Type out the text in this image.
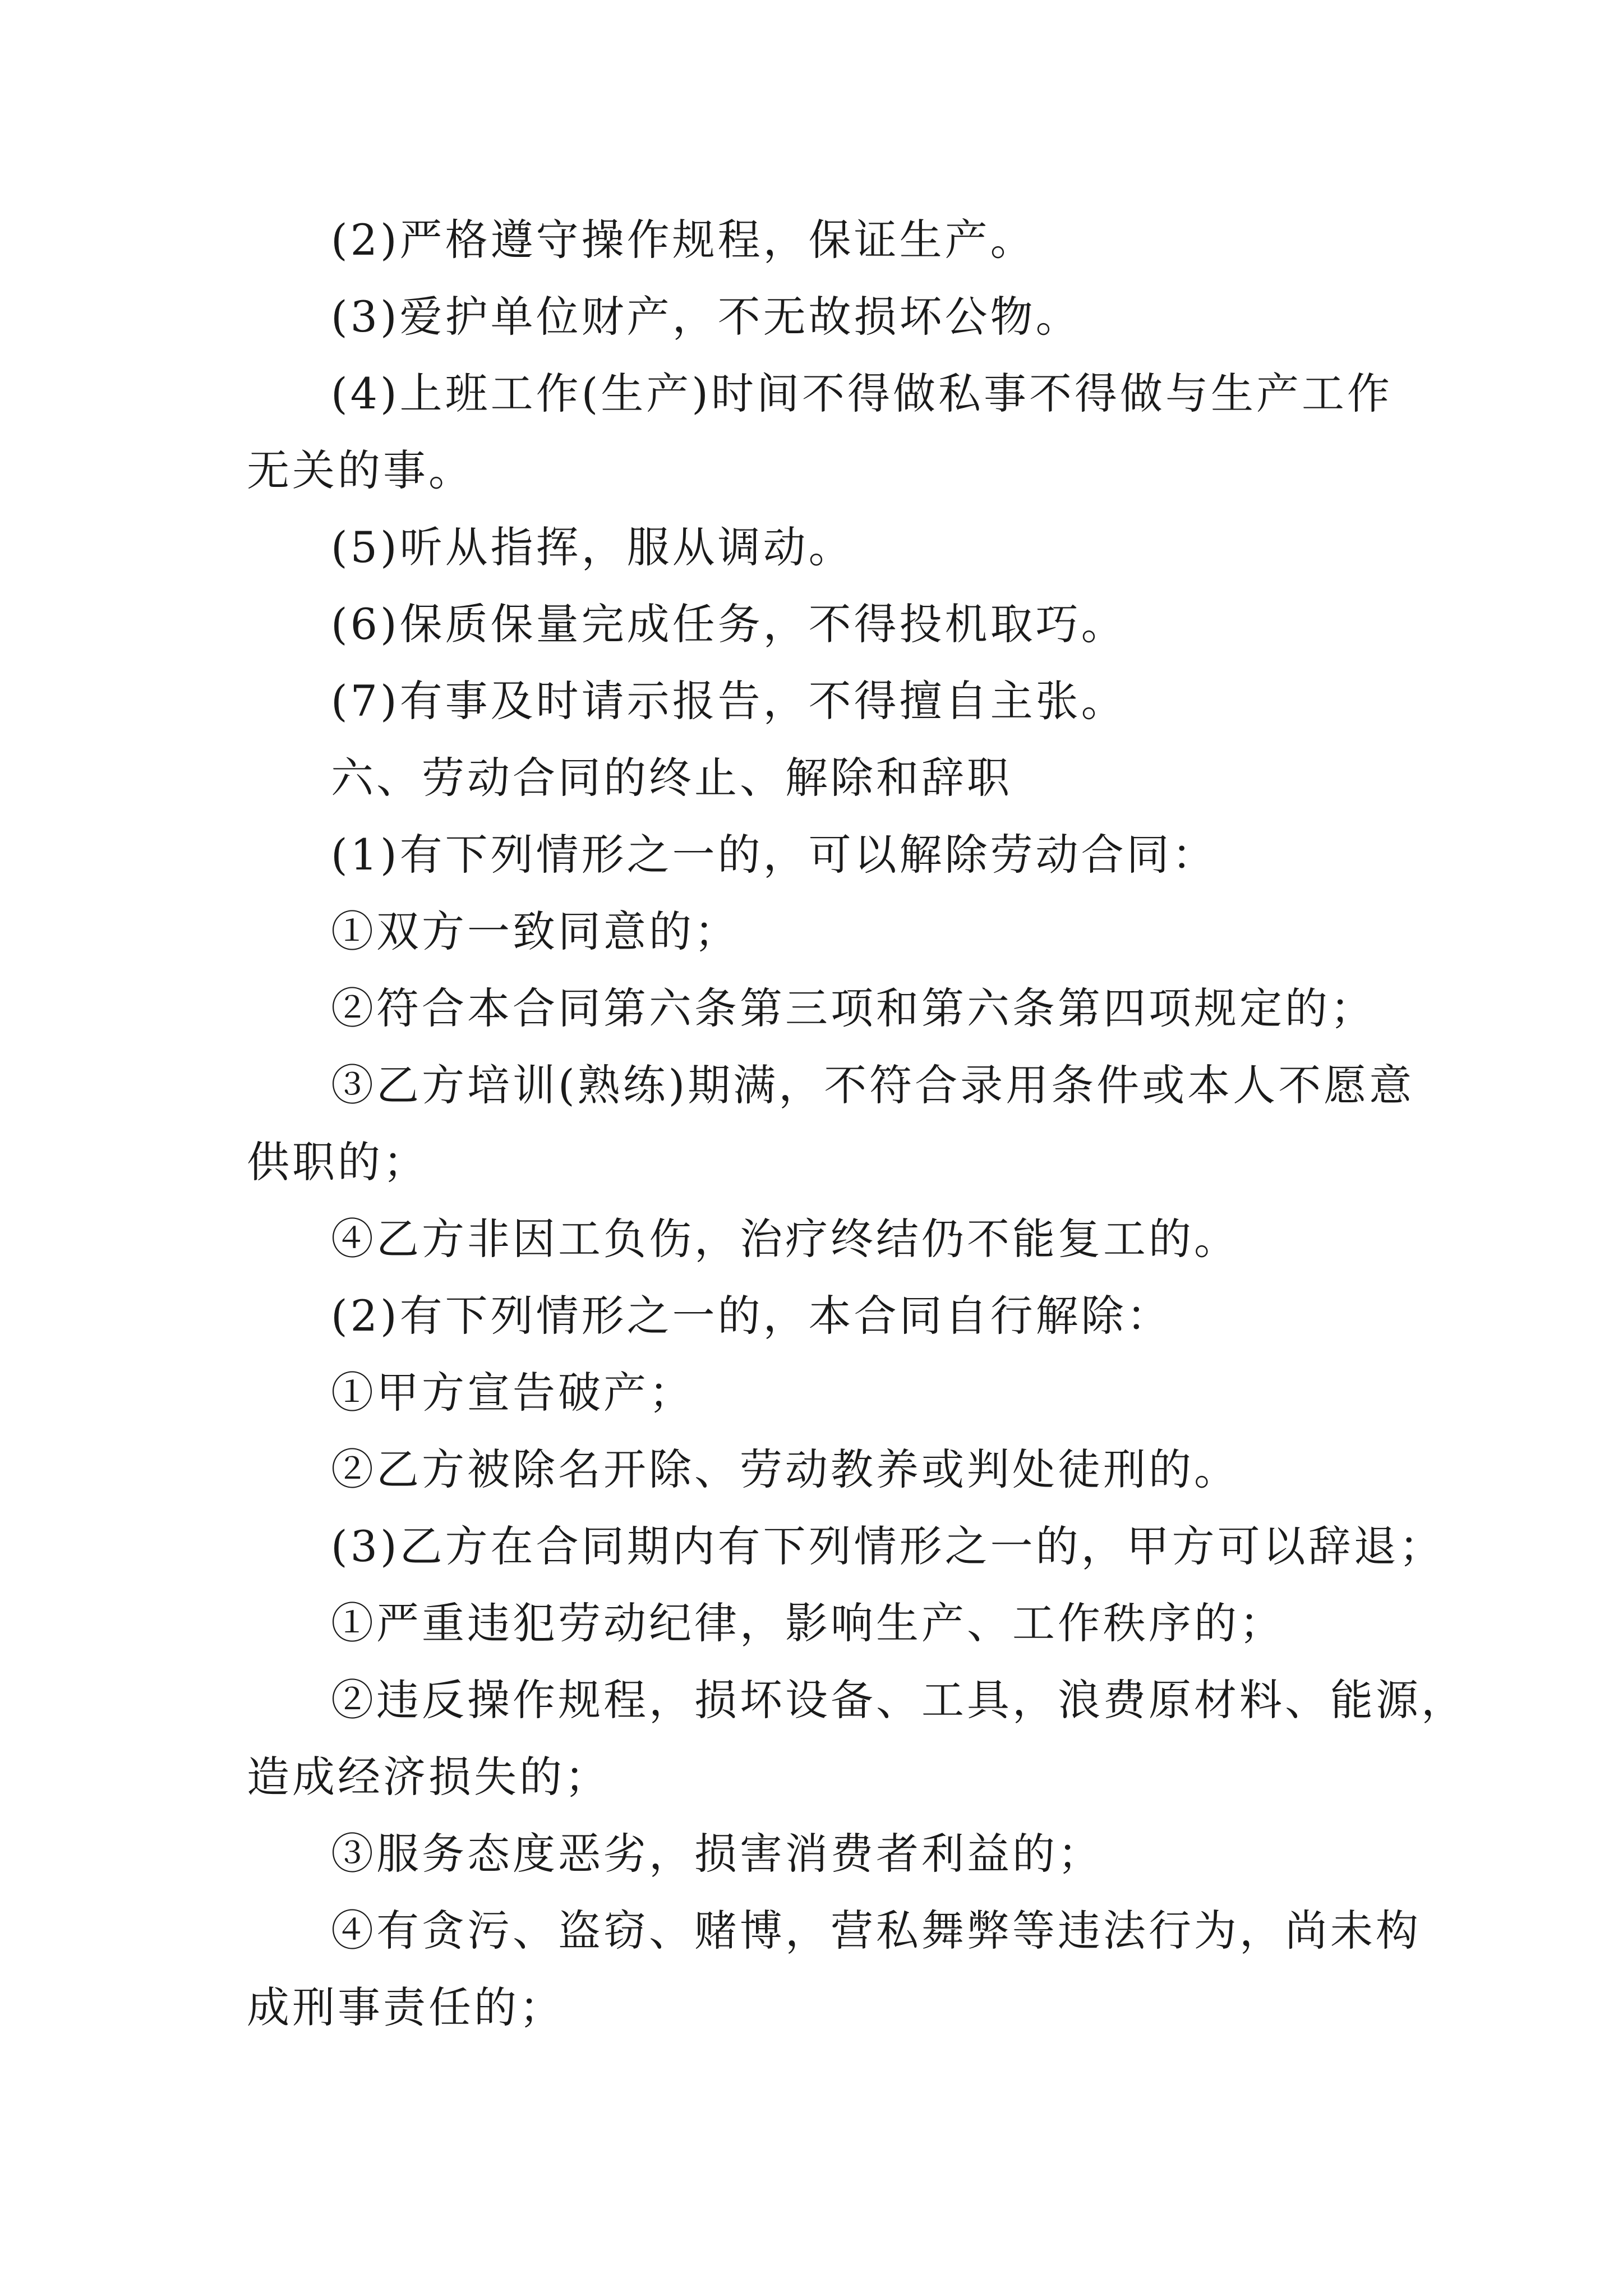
(2)严格遵守操作规程，保证生产。

(3)爱护单位财产，不无故损坏公物。

(4)上班工作(生产)时间不得做私事不得做与生产工作

无关的事。

(5)听从指挥，服从调动。

(6)保质保量完成任务，不得投机取巧。

(7)有事及时请示报告，不得擅自主张。

六、劳动合同的终止、解除和辞职

(1)有下列情形之一的，可以解除劳动合同：

①双方一致同意的；

②符合本合同第六条第三项和第六条第四项规定的；

③乙方培训(熟练)期满，不符合录用条件或本人不愿意

供职的；

④乙方非因工负伤，治疗终结仍不能复工的。

(2)有下列情形之一的，本合同自行解除：

①甲方宣告破产；

②乙方被除名开除、劳动教养或判处徒刑的。

(3)乙方在合同期内有下列情形之一的，甲方可以辞退；

①严重违犯劳动纪律，影响生产、工作秩序的；

②违反操作规程，损坏设备、工具，浪费原材料、能源，

造成经济损失的；

③服务态度恶劣，损害消费者利益的；

④有贪污、盗窃、赌博，营私舞弊等违法行为，尚未构

成刑事责任的；
